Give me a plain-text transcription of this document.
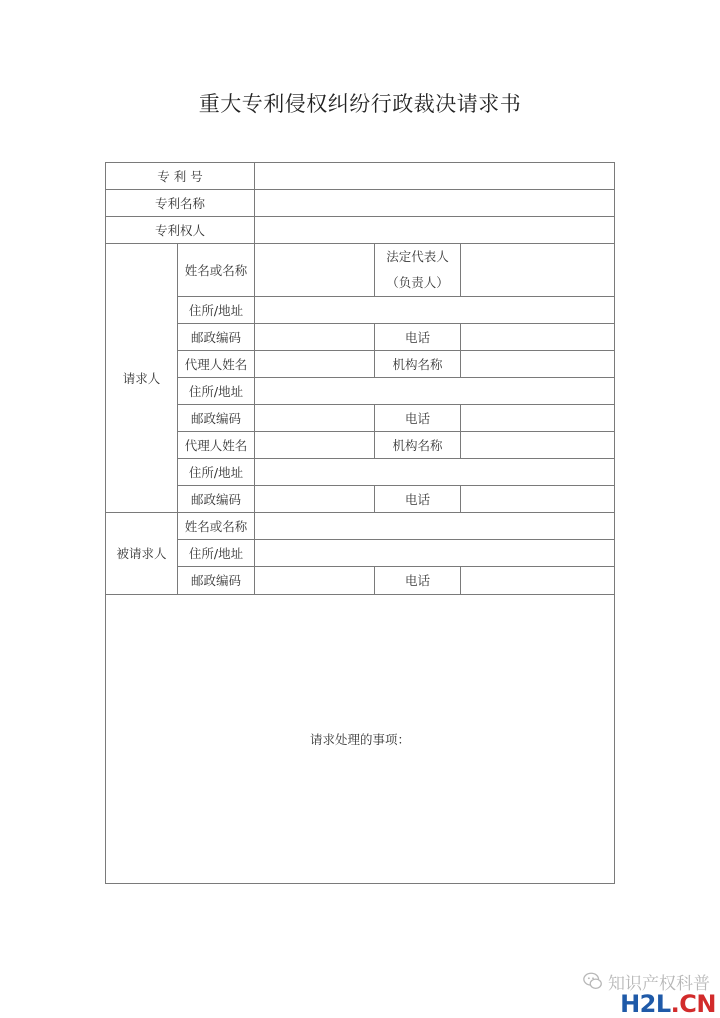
重大专利侵权纠纷行政裁决请求书
专 利 号				
专利名称				
专利权人				
请求人	姓名或名称		法定代表人
（负责人）	

	住所/地址			
	邮政编码		电话	
	代理人姓名		机构名称	
	住所/地址			
	邮政编码		电话	
	代理人姓名		机构名称	
	住所/地址			
	邮政编码		电话	
被请求人	姓名或名称			
	住所/地址			
	邮政编码		电话	
请求处理的事项：				
知识产权科普
H2L.CN
